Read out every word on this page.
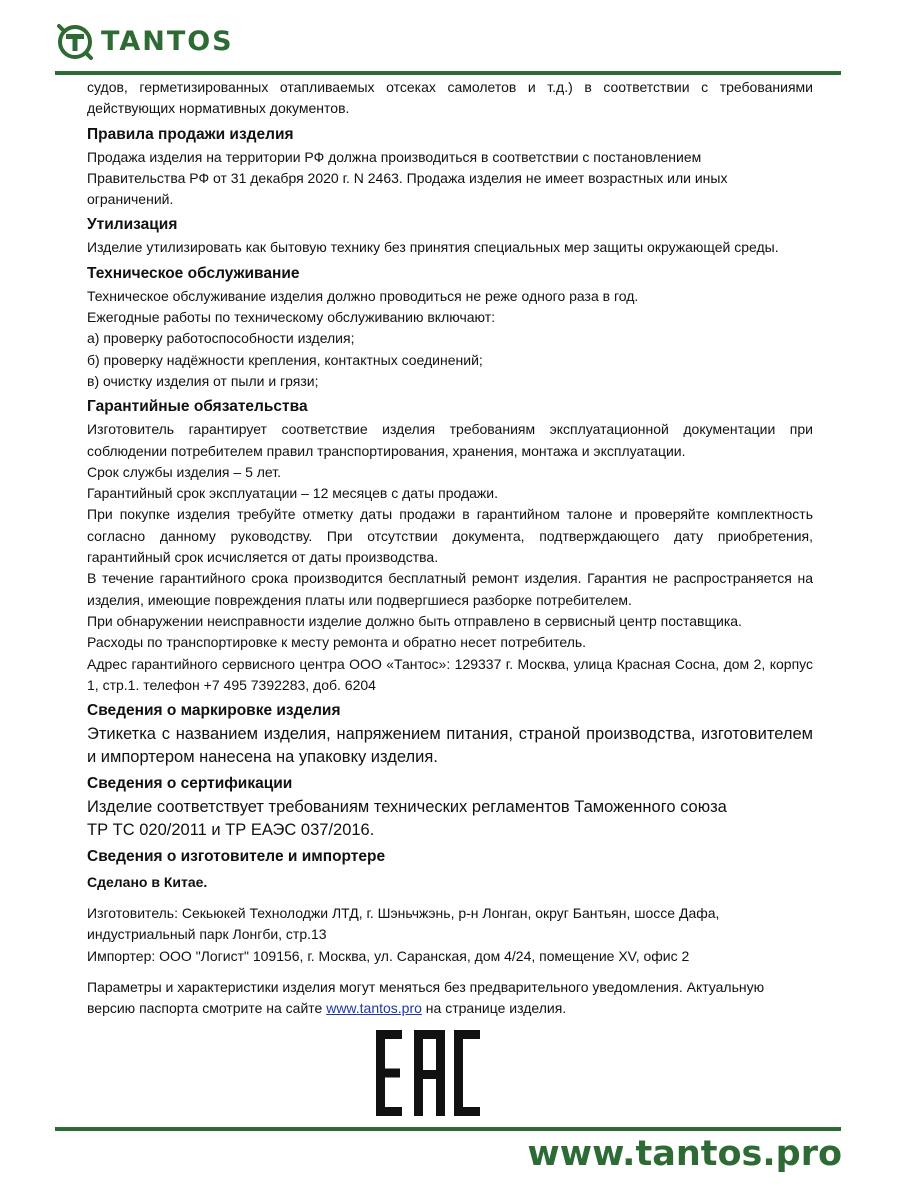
TANTOS

судов, герметизированных отапливаемых отсеках самолетов и т.д.) в соответствии с требованиями

действующих нормативных документов.

Правила продажи изделия

Продажа изделия на территории РФ должна производиться в соответствии с постановлением

Правительства РФ от 31 декабря 2020 г. N 2463. Продажа изделия не имеет возрастных или иных

ограничений.

Утилизация

Изделие утилизировать как бытовую технику без принятия специальных мер защиты окружающей среды.

Техническое обслуживание

Техническое обслуживание изделия должно проводиться не реже одного раза в год.

Ежегодные работы по техническому обслуживанию включают:

а) проверку работоспособности изделия;

б) проверку надёжности крепления, контактных соединений;

в) очистку изделия от пыли и грязи;

Гарантийные обязательства

Изготовитель гарантирует соответствие изделия требованиям эксплуатационной документации при соблюдении потребителем правил транспортирования, хранения, монтажа и эксплуатации.

Срок службы изделия – 5 лет.

Гарантийный срок эксплуатации – 12 месяцев с даты продажи.

При покупке изделия требуйте отметку даты продажи в гарантийном талоне и проверяйте комплектность согласно данному руководству. При отсутствии документа, подтверждающего дату приобретения, гарантийный срок исчисляется от даты производства.

В течение гарантийного срока производится бесплатный ремонт изделия. Гарантия не распространяется на изделия, имеющие повреждения платы или подвергшиеся разборке потребителем.

При обнаружении неисправности изделие должно быть отправлено в сервисный центр поставщика.

Расходы по транспортировке к месту ремонта и обратно несет потребитель.

Адрес гарантийного сервисного центра ООО «Тантос»: 129337 г. Москва, улица Красная Сосна, дом 2, корпус 1, стр.1. телефон +7 495 7392283, доб. 6204

Сведения о маркировке изделия

Этикетка с названием изделия, напряжением питания, страной производства, изготовителем и импортером нанесена на упаковку изделия.

Сведения о сертификации

Изделие соответствует требованиям технических регламентов Таможенного союза

ТР ТС 020/2011 и ТР ЕАЭС 037/2016.

Сведения о изготовителе и импортере

Сделано в Китае.

Изготовитель: Секьюкей Технолоджи ЛТД, г. Шэньчжэнь, р-н Лонган, округ Бантьян, шоссе Дафа,

индустриальный парк Лонгби, стр.13

Импортер: ООО "Логист" 109156, г. Москва, ул. Саранская, дом 4/24, помещение XV, офис 2

Параметры и характеристики изделия могут меняться без предварительного уведомления. Актуальную

версию паспорта смотрите на сайте www.tantos.pro на странице изделия.

www.tantos.pro
